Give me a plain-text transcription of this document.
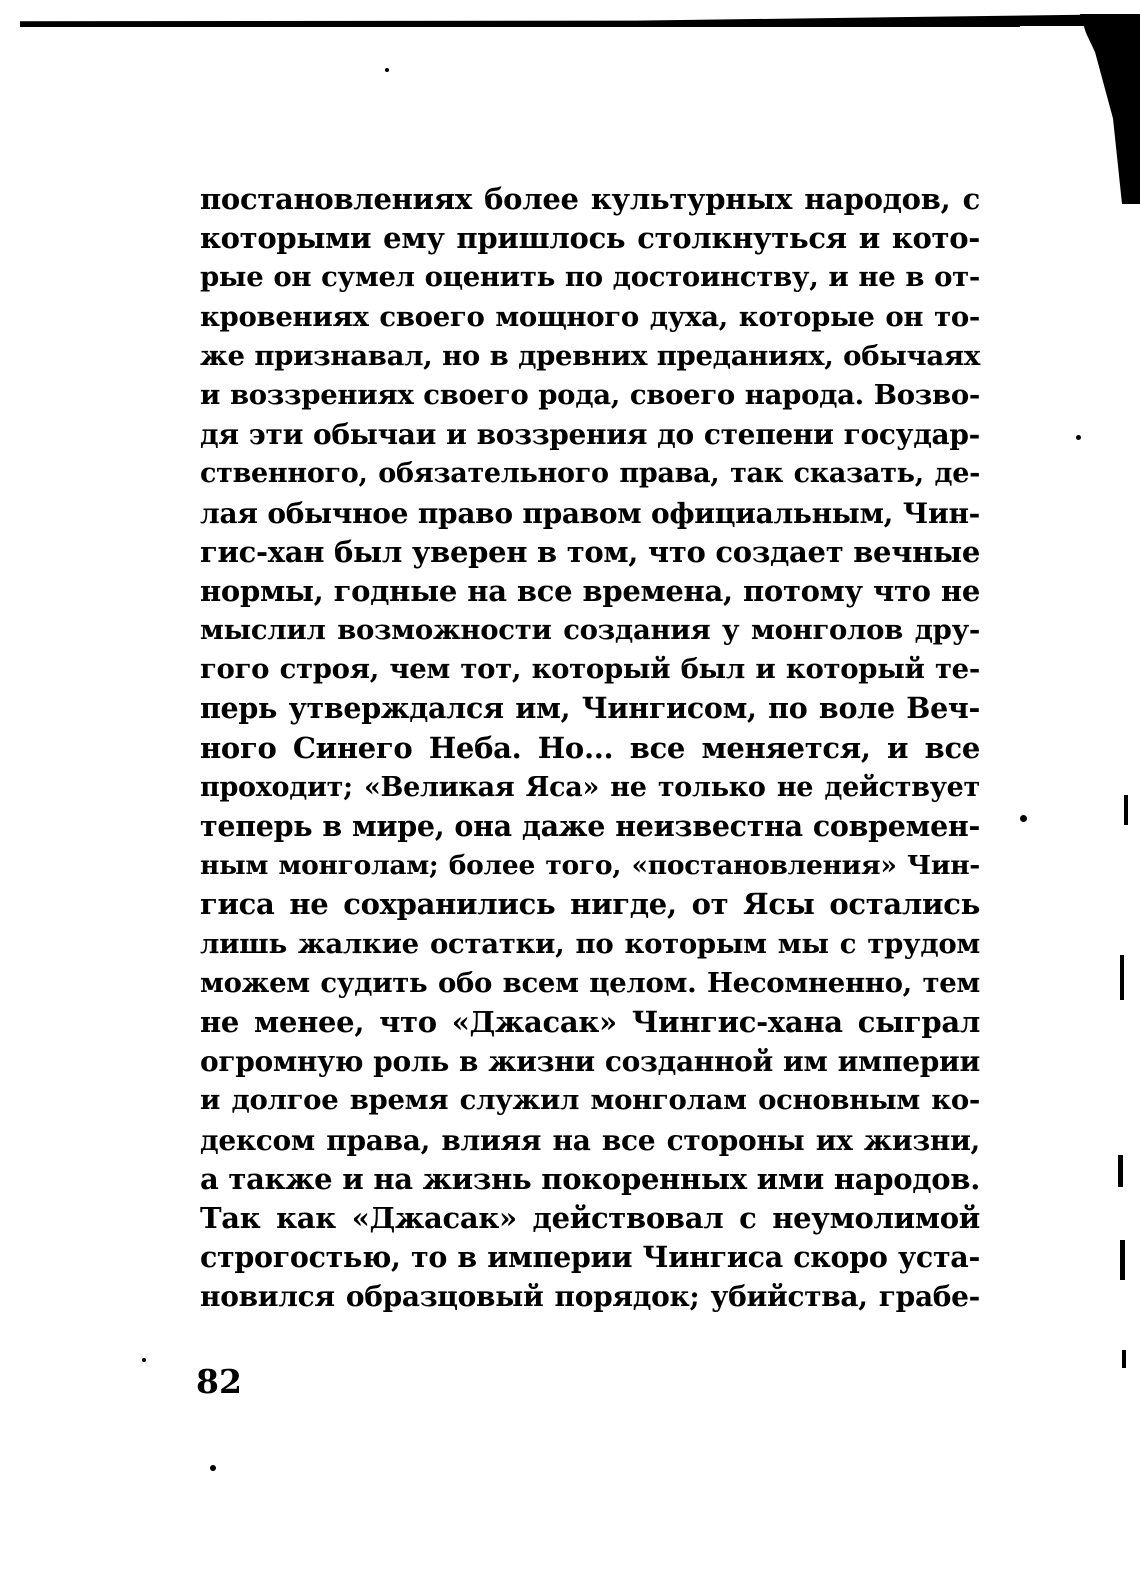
постановлениях более культурных народов, с
которыми ему пришлось столкнуться и кото-
рые он сумел оценить по достоинству, и не в от-
кровениях своего мощного духа, которые он то-
же признавал, но в древних преданиях, обычаях
и воззрениях своего рода, своего народа. Возво-
дя эти обычаи и воззрения до степени государ-
ственного, обязательного права, так сказать, де-
лая обычное право правом официальным, Чин-
гис-хан был уверен в том, что создает вечные
нормы, годные на все времена, потому что не
мыслил возможности создания у монголов дру-
гого строя, чем тот, который был и который те-
перь утверждался им, Чингисом, по воле Веч-
ного Синего Неба. Но... все меняется, и все
проходит; «Великая Яса» не только не действует
теперь в мире, она даже неизвестна современ-
ным монголам; более того, «постановления» Чин-
гиса не сохранились нигде, от Ясы остались
лишь жалкие остатки, по которым мы с трудом
можем судить обо всем целом. Несомненно, тем
не менее, что «Джасак» Чингис-хана сыграл
огромную роль в жизни созданной им империи
и долгое время служил монголам основным ко-
дексом права, влияя на все стороны их жизни,
а также и на жизнь покоренных ими народов.
Так как «Джасак» действовал с неумолимой
строгостью, то в империи Чингиса скоро уста-
новился образцовый порядок; убийства, грабе-
82
